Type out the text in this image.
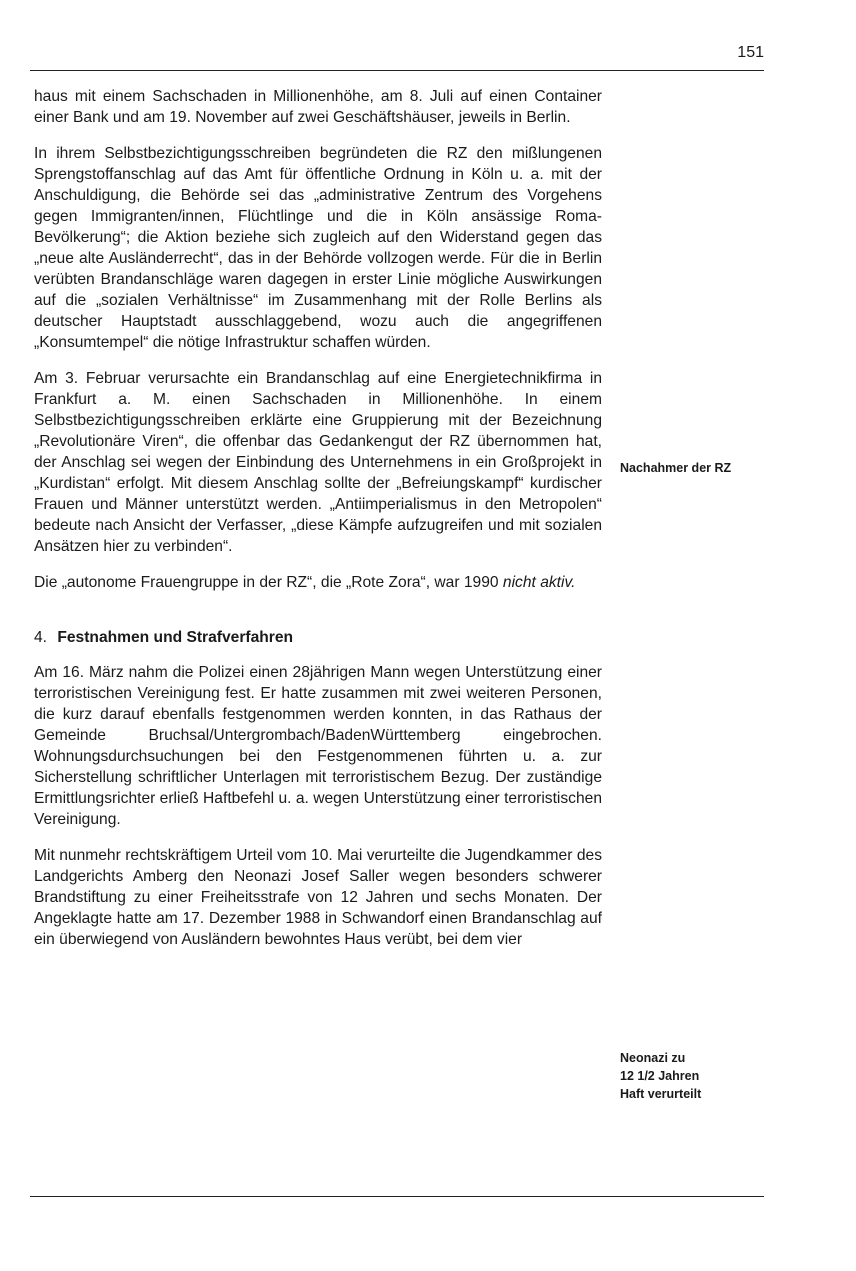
151

haus mit einem Sachschaden in Millionenhöhe, am 8. Juli auf einen Container einer Bank und am 19. November auf zwei Geschäftshäuser, jeweils in Berlin.

In ihrem Selbstbezichtigungsschreiben begründeten die RZ den mißlungenen Sprengstoffanschlag auf das Amt für öffentliche Ordnung in Köln u. a. mit der Anschuldigung, die Behörde sei das „administrative Zentrum des Vorgehens gegen Immigranten/innen, Flüchtlinge und die in Köln ansässige Roma-Bevölkerung“; die Aktion beziehe sich zugleich auf den Widerstand gegen das „neue alte Ausländerrecht“, das in der Behörde vollzogen werde. Für die in Berlin verübten Brandanschläge waren dagegen in erster Linie mögliche Auswirkungen auf die „sozialen Verhältnisse“ im Zusammenhang mit der Rolle Berlins als deutscher Hauptstadt ausschlaggebend, wozu auch die angegriffenen „Konsumtempel“ die nötige Infrastruktur schaffen würden.

Am 3. Februar verursachte ein Brandanschlag auf eine Energietechnikfirma in Frankfurt a. M. einen Sachschaden in Millionenhöhe. In einem Selbstbezichtigungsschreiben erklärte eine Gruppierung mit der Bezeichnung „Revolutionäre Viren“, die offenbar das Gedankengut der RZ übernommen hat, der Anschlag sei wegen der Einbindung des Unternehmens in ein Großprojekt in „Kurdistan“ erfolgt. Mit diesem Anschlag sollte der „Befreiungskampf“ kurdischer Frauen und Männer unterstützt werden. „Antiimperialismus in den Metropolen“ bedeute nach Ansicht der Verfasser, „diese Kämpfe aufzugreifen und mit sozialen Ansätzen hier zu verbinden“.

Die „autonome Frauengruppe in der RZ“, die „Rote Zora“, war 1990 nicht aktiv.

4. Festnahmen und Strafverfahren

Am 16. März nahm die Polizei einen 28jährigen Mann wegen Unterstützung einer terroristischen Vereinigung fest. Er hatte zusammen mit zwei weiteren Personen, die kurz darauf ebenfalls festgenommen werden konnten, in das Rathaus der Gemeinde Bruchsal/Untergrombach/BadenWürttemberg eingebrochen. Wohnungsdurchsuchungen bei den Festgenommenen führten u. a. zur Sicherstellung schriftlicher Unterlagen mit terroristischem Bezug. Der zuständige Ermittlungsrichter erließ Haftbefehl u. a. wegen Unterstützung einer terroristischen Vereinigung.

Mit nunmehr rechtskräftigem Urteil vom 10. Mai verurteilte die Jugendkammer des Landgerichts Amberg den Neonazi Josef Saller wegen besonders schwerer Brandstiftung zu einer Freiheitsstrafe von 12 Jahren und sechs Monaten. Der Angeklagte hatte am 17. Dezember 1988 in Schwandorf einen Brandanschlag auf ein überwiegend von Ausländern bewohntes Haus verübt, bei dem vier

Nachahmer der RZ
Neonazi zu
12 1/2 Jahren
Haft verurteilt
